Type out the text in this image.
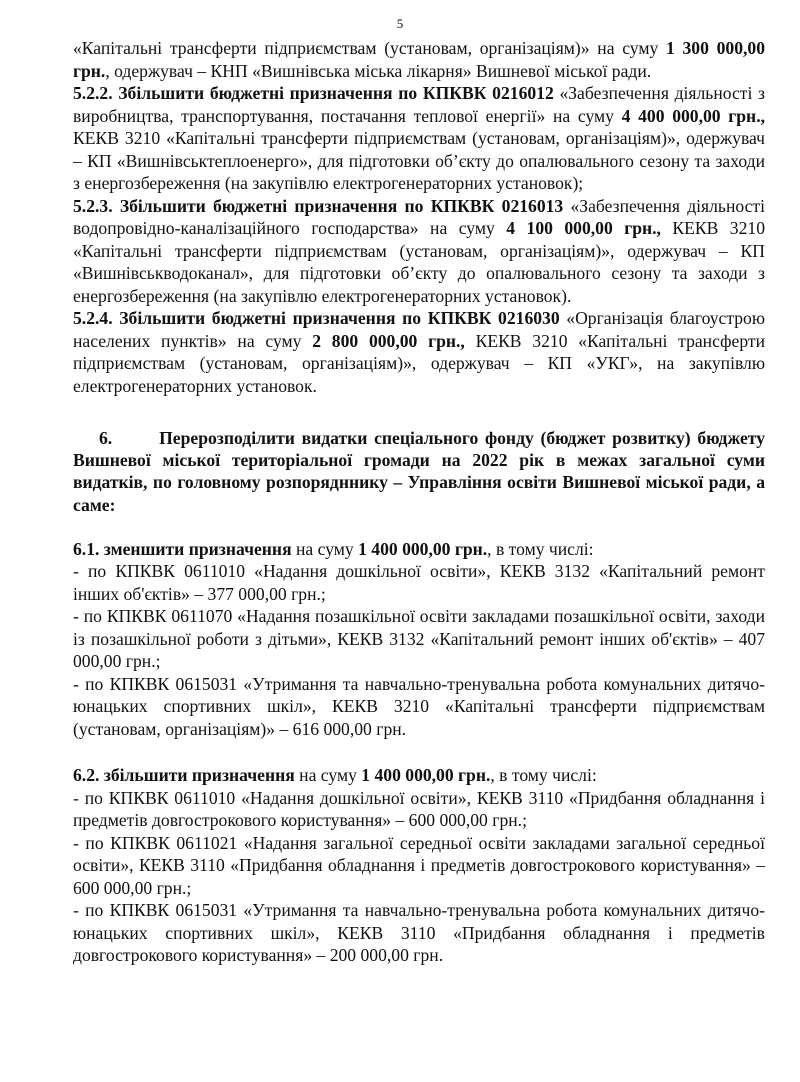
5

«Капітальні трансферти підприємствам (установам, організаціям)» на суму 1 300 000,00 грн., одержувач – КНП «Вишнівська міська лікарня» Вишневої міської ради.

5.2.2. Збільшити бюджетні призначення по КПКВК 0216012 «Забезпечення діяльності з виробництва, транспортування, постачання теплової енергії» на суму 4 400 000,00 грн., КЕКВ 3210 «Капітальні трансферти підприємствам (установам, організаціям)», одержувач – КП «Вишнівськтеплоенерго», для підготовки об’єкту до опалювального сезону та заходи з енергозбереження (на закупівлю електрогенераторних установок);

5.2.3. Збільшити бюджетні призначення по КПКВК 0216013 «Забезпечення діяльності водопровідно-каналізаційного господарства» на суму 4 100 000,00 грн., КЕКВ 3210 «Капітальні трансферти підприємствам (установам, організаціям)», одержувач – КП «Вишнівськводоканал», для підготовки об’єкту до опалювального сезону та заходи з енергозбереження (на закупівлю електрогенераторних установок).

5.2.4. Збільшити бюджетні призначення по КПКВК 0216030 «Організація благоустрою населених пунктів» на суму 2 800 000,00 грн., КЕКВ 3210 «Капітальні трансферти підприємствам (установам, організаціям)», одержувач – КП «УКГ», на закупівлю електрогенераторних установок.

6.	Перерозподілити видатки спеціального фонду (бюджет розвитку) бюджету Вишневої міської територіальної громади на 2022 рік в межах загальної суми видатків, по головному розпорядннику – Управління освіти Вишневої міської ради, а саме:

6.1. зменшити призначення на суму 1 400 000,00 грн., в тому числі:

- по КПКВК 0611010 «Надання дошкільної освіти», КЕКВ 3132 «Капітальний ремонт інших об'єктів» – 377 000,00 грн.;

- по КПКВК 0611070 «Надання позашкільної освіти закладами позашкільної освіти, заходи із позашкільної роботи з дітьми», КЕКВ 3132 «Капітальний ремонт інших об'єктів» – 407 000,00 грн.;

- по КПКВК 0615031 «Утримання та навчально-тренувальна робота комунальних дитячо-юнацьких спортивних шкіл», КЕКВ 3210 «Капітальні трансферти підприємствам (установам, організаціям)» – 616 000,00 грн.

6.2. збільшити призначення на суму 1 400 000,00 грн., в тому числі:

- по КПКВК 0611010 «Надання дошкільної освіти», КЕКВ 3110 «Придбання обладнання і предметів довгострокового користування» – 600 000,00 грн.;

- по КПКВК 0611021 «Надання загальної середньої освіти закладами загальної середньої освіти», КЕКВ 3110 «Придбання обладнання і предметів довгострокового користування» – 600 000,00 грн.;

- по КПКВК 0615031 «Утримання та навчально-тренувальна робота комунальних дитячо-юнацьких спортивних шкіл», КЕКВ 3110 «Придбання обладнання і предметів довгострокового користування» – 200 000,00 грн.
